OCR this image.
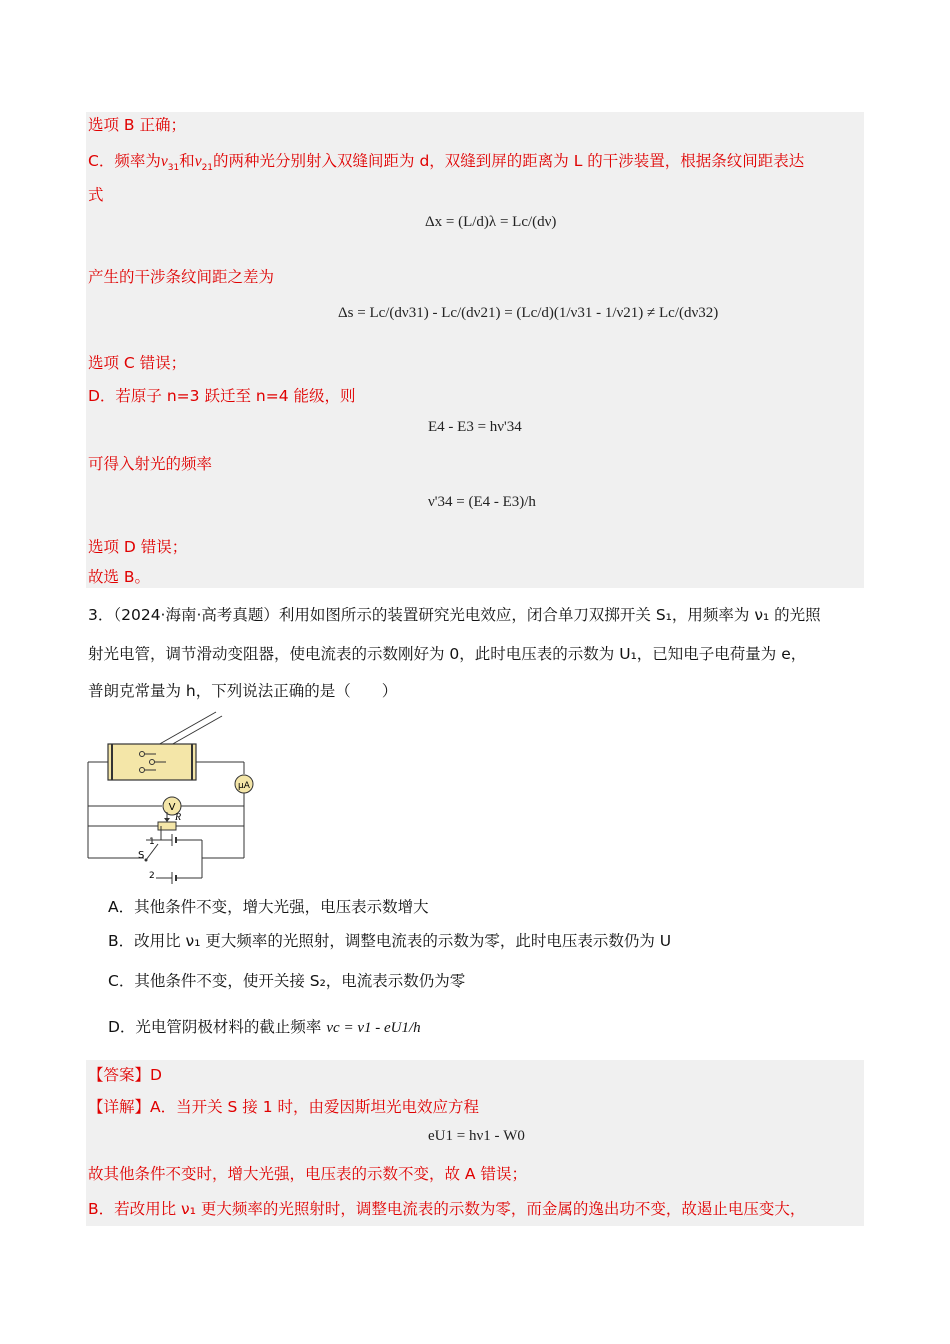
选项 B 正确；
C．频率为$\nu_{31}$和$\nu_{21}$的两种光分别射入双缝间距为 d，双缝到屏的距离为 L 的干涉装置，根据条纹间距表达
式
Δx = (L/d)λ = Lc/(dν)
产生的干涉条纹间距之差为
Δs = Lc/(dν31) - Lc/(dν21) = (Lc/d)(1/ν31 - 1/ν21) ≠ Lc/(dν32)
选项 C 错误；
D．若原子 n=3 跃迁至 n=4 能级，则
E4 - E3 = hν'34
可得入射光的频率
ν'34 = (E4 - E3)/h
选项 D 错误；
故选 B。
3．（2024·海南·高考真题）利用如图所示的装置研究光电效应，闭合单刀双掷开关 S₁，用频率为 ν₁ 的光照
射光电管，调节滑动变阻器，使电流表的示数刚好为 0，此时电压表的示数为 U₁，已知电子电荷量为 e，
普朗克常量为 h，下列说法正确的是（　　）
μA
V
R
1
S
2
A．其他条件不变，增大光强，电压表示数增大
B．改用比 ν₁ 更大频率的光照射，调整电流表的示数为零，此时电压表示数仍为 U
C．其他条件不变，使开关接 S₂，电流表示数仍为零
D．光电管阴极材料的截止频率 νc = ν1 - eU1/h
【答案】D
【详解】A．当开关 S 接 1 时，由爱因斯坦光电效应方程
eU1 = hν1 - W0
故其他条件不变时，增大光强，电压表的示数不变，故 A 错误；
B．若改用比 ν₁ 更大频率的光照射时，调整电流表的示数为零，而金属的逸出功不变，故遏止电压变大，
